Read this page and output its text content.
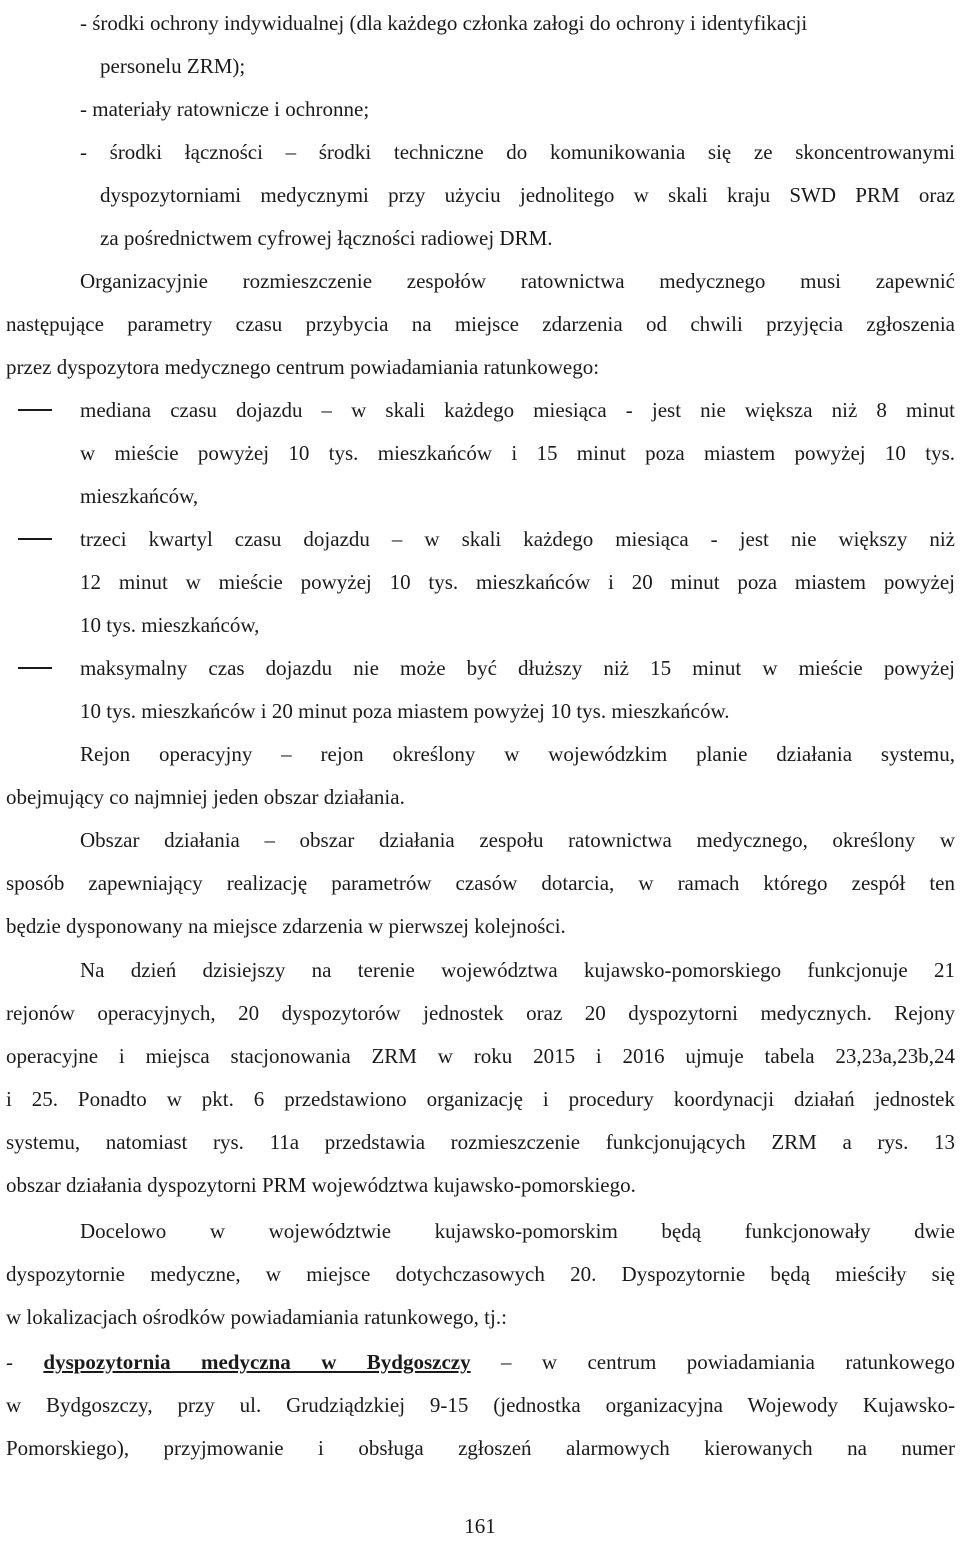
- środki ochrony indywidualnej (dla każdego członka załogi do ochrony i identyfikacji
personelu ZRM);
- materiały ratownicze i ochronne;
- środki łączności – środki techniczne do komunikowania się ze skoncentrowanymi
dyspozytorniami medycznymi przy użyciu jednolitego w skali kraju SWD PRM oraz
za pośrednictwem cyfrowej łączności radiowej DRM.
Organizacyjnie rozmieszczenie zespołów ratownictwa medycznego musi zapewnić
następujące parametry czasu przybycia na miejsce zdarzenia od chwili przyjęcia zgłoszenia
przez dyspozytora medycznego centrum powiadamiania ratunkowego:
mediana czasu dojazdu – w skali każdego miesiąca - jest nie większa niż 8 minut
w mieście powyżej 10 tys. mieszkańców i 15 minut poza miastem powyżej 10 tys.
mieszkańców,
trzeci kwartyl czasu dojazdu – w skali każdego miesiąca - jest nie większy niż
12 minut w mieście powyżej 10 tys. mieszkańców i 20 minut poza miastem powyżej
10 tys. mieszkańców,
maksymalny czas dojazdu nie może być dłuższy niż 15 minut w mieście powyżej
10 tys. mieszkańców i 20 minut poza miastem powyżej 10 tys. mieszkańców.
Rejon operacyjny – rejon określony w wojewódzkim planie działania systemu,
obejmujący co najmniej jeden obszar działania.
Obszar działania – obszar działania zespołu ratownictwa medycznego, określony w
sposób zapewniający realizację parametrów czasów dotarcia, w ramach którego zespół ten
będzie dysponowany na miejsce zdarzenia w pierwszej kolejności.
Na dzień dzisiejszy na terenie województwa kujawsko-pomorskiego funkcjonuje 21
rejonów operacyjnych, 20 dyspozytorów jednostek oraz 20 dyspozytorni medycznych. Rejony
operacyjne i miejsca stacjonowania ZRM w roku 2015 i 2016 ujmuje tabela 23,23a,23b,24
i 25. Ponadto w pkt. 6 przedstawiono organizację i procedury koordynacji działań jednostek
systemu, natomiast rys. 11a przedstawia rozmieszczenie funkcjonujących ZRM a rys. 13
obszar działania dyspozytorni PRM województwa kujawsko-pomorskiego.
Docelowo w województwie kujawsko-pomorskim będą funkcjonowały dwie
dyspozytornie medyczne, w miejsce dotychczasowych 20. Dyspozytornie będą mieściły się
w lokalizacjach ośrodków powiadamiania ratunkowego, tj.:
- dyspozytornia medyczna w Bydgoszczy – w centrum powiadamiania ratunkowego
w Bydgoszczy, przy ul. Grudziądzkiej 9-15 (jednostka organizacyjna Wojewody Kujawsko-
Pomorskiego), przyjmowanie i obsługa zgłoszeń alarmowych kierowanych na numer
161
